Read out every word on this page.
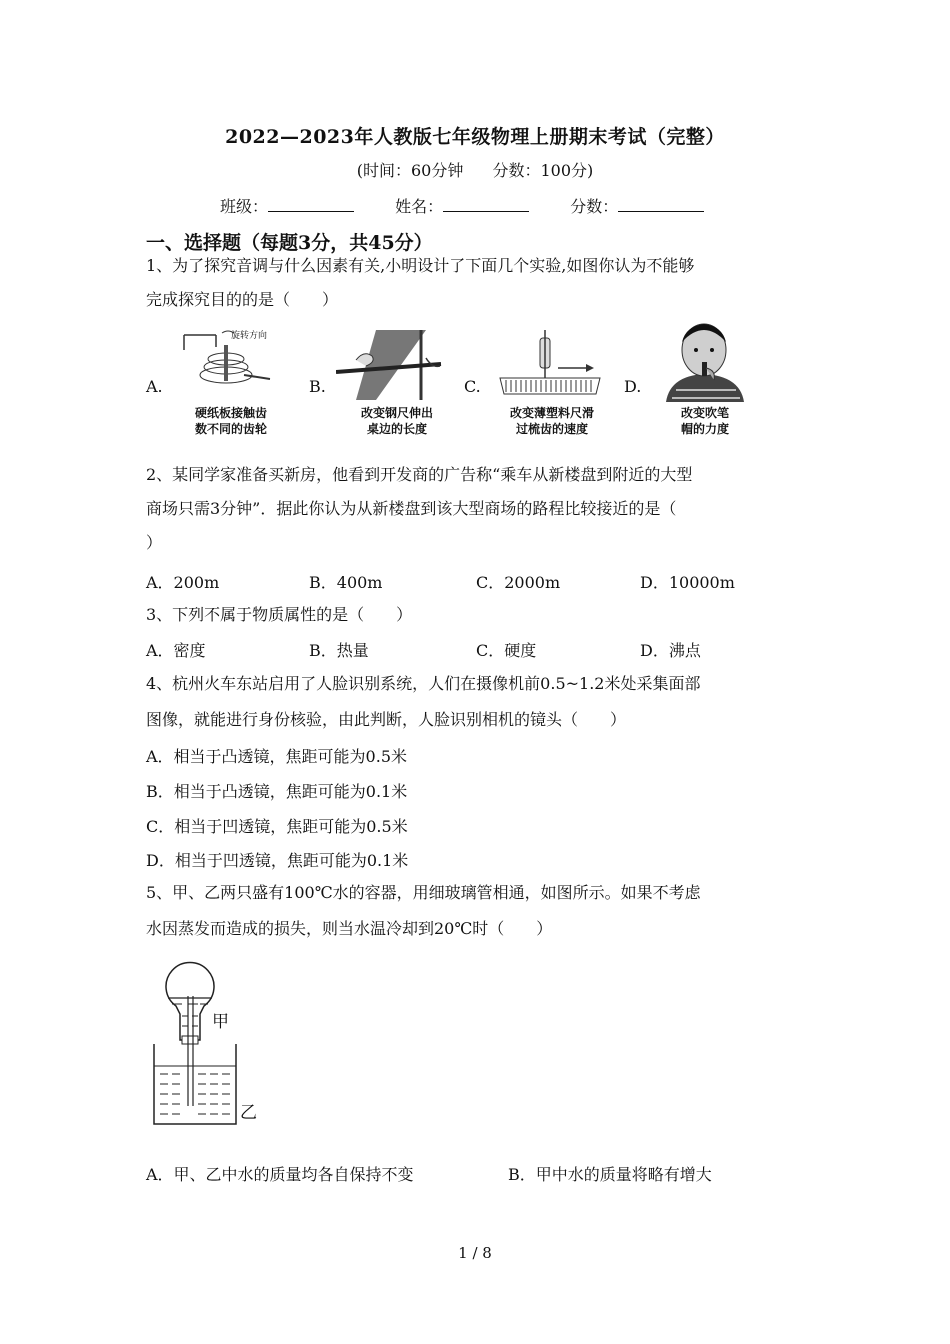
2022—2023年人教版七年级物理上册期末考试（完整）
(时间：60分钟 分数：100分)
班级：	姓名：	分数：
一、选择题（每题3分，共45分）
1、为了探究音调与什么因素有关,小明设计了下面几个实验,如图你认为不能够
完成探究目的的是（　　）
A.
旋转方向
硬纸板接触齿
数不同的齿轮
B.
改变钢尺伸出
桌边的长度
C.
改变薄塑料尺滑
过梳齿的速度
D.
改变吹笔
帽的力度
2、某同学家准备买新房，他看到开发商的广告称“乘车从新楼盘到附近的大型
商场只需3分钟”．据此你认为从新楼盘到该大型商场的路程比较接近的是（
）
A．200m	B．400m	C．2000m	D．10000m
3、下列不属于物质属性的是（　　）
A．密度	B．热量	C．硬度	D．沸点
4、杭州火车东站启用了人脸识别系统，人们在摄像机前0.5~1.2米处采集面部
图像，就能进行身份核验，由此判断，人脸识别相机的镜头（　　）
A．相当于凸透镜，焦距可能为0.5米
B．相当于凸透镜，焦距可能为0.1米
C．相当于凹透镜，焦距可能为0.5米
D．相当于凹透镜，焦距可能为0.1米
5、甲、乙两只盛有100℃水的容器，用细玻璃管相通，如图所示。如果不考虑
水因蒸发而造成的损失，则当水温冷却到20℃时（　　）
甲
乙
A．甲、乙中水的质量均各自保持不变	B．甲中水的质量将略有增大
1 / 8
